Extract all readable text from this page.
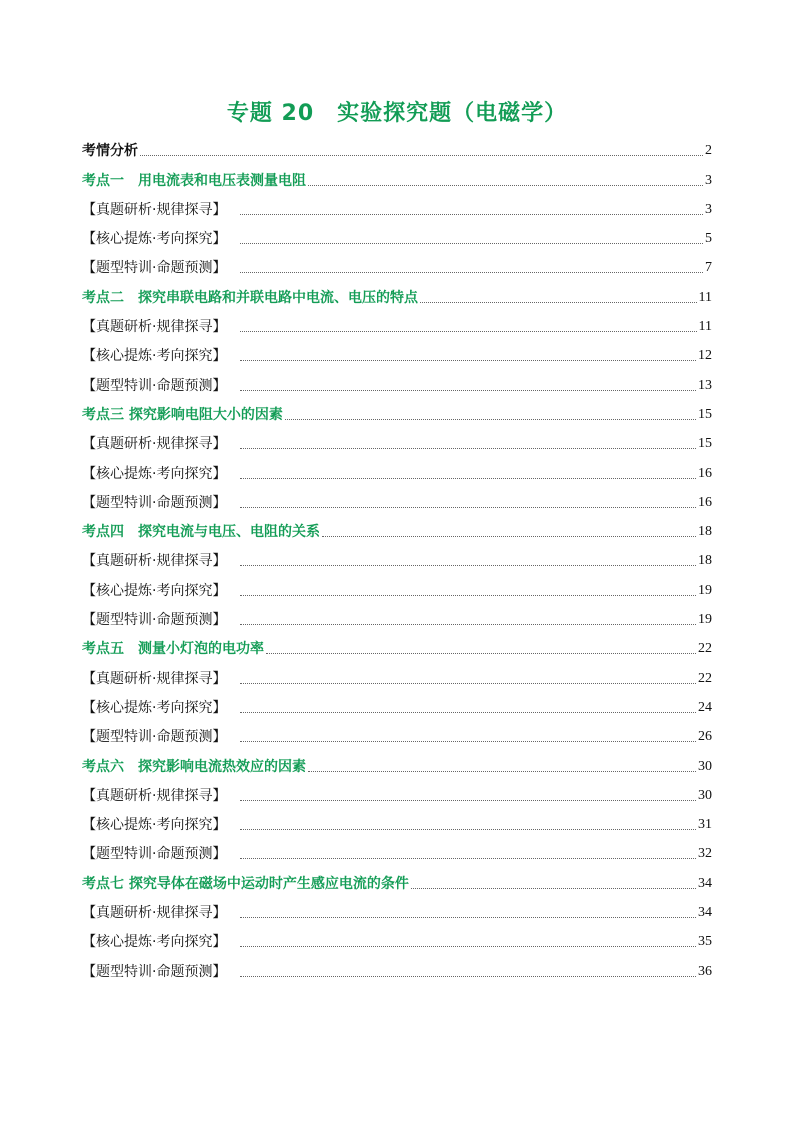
专题 20　实验探究题（电磁学）
考情分析	2
考点一　用电流表和电压表测量电阻	3
【真题研析·规律探寻】	3
【核心提炼·考向探究】	5
【题型特训·命题预测】	7
考点二　探究串联电路和并联电路中电流、电压的特点	11
【真题研析·规律探寻】	11
【核心提炼·考向探究】	12
【题型特训·命题预测】	13
考点三 探究影响电阻大小的因素	15
【真题研析·规律探寻】	15
【核心提炼·考向探究】	16
【题型特训·命题预测】	16
考点四　探究电流与电压、电阻的关系	18
【真题研析·规律探寻】	18
【核心提炼·考向探究】	19
【题型特训·命题预测】	19
考点五　测量小灯泡的电功率	22
【真题研析·规律探寻】	22
【核心提炼·考向探究】	24
【题型特训·命题预测】	26
考点六　探究影响电流热效应的因素	30
【真题研析·规律探寻】	30
【核心提炼·考向探究】	31
【题型特训·命题预测】	32
考点七 探究导体在磁场中运动时产生感应电流的条件	34
【真题研析·规律探寻】	34
【核心提炼·考向探究】	35
【题型特训·命题预测】	36
